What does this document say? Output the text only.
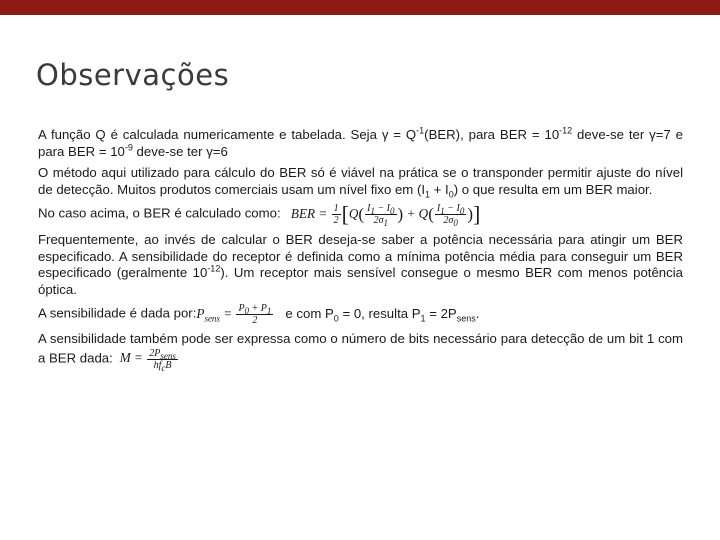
Observações

A função Q é calculada numericamente e tabelada. Seja $\gamma = Q^{-1}(BER)$, para BER = $10^{-12}$ deve-se ter γ=7 e para BER = $10^{-9}$ deve-se ter γ=6

O método aqui utilizado para cálculo do BER só é viável na prática se o transponder permitir ajuste do nível de detecção. Muitos produtos comerciais usam um nível fixo em $(I_1 + I_0)$ o que resulta em um BER maior.

No caso acima, o BER é calculado como:   BER = $\frac{1}{2} [Q( \frac{I_1 - I_0}{2\sigma_1}$ ) + $Q( \frac{I_1 - I_0}{2\sigma_0}$ )]

Frequentemente, ao invés de calcular o BER deseja-se saber a potência necessária para atingir um BER especificado. A sensibilidade do receptor é definida como a mínima potência média para conseguir um BER especificado (geralmente $10^{-12}$). Um receptor mais sensível consegue o mesmo BER com menos potência óptica.

A sensibilidade é dada $por:P_{sens} = \frac{P_0 + P_1}{2}$ e com $P_0 = 0$, resulta $P_1 = 2P_{sens}$.

A sensibilidade também pode ser expressa como o número de bits necessário para detecção de um bit 1 com a BER dada:  $M = \frac{2P_{sens}}{hf_cB}$
